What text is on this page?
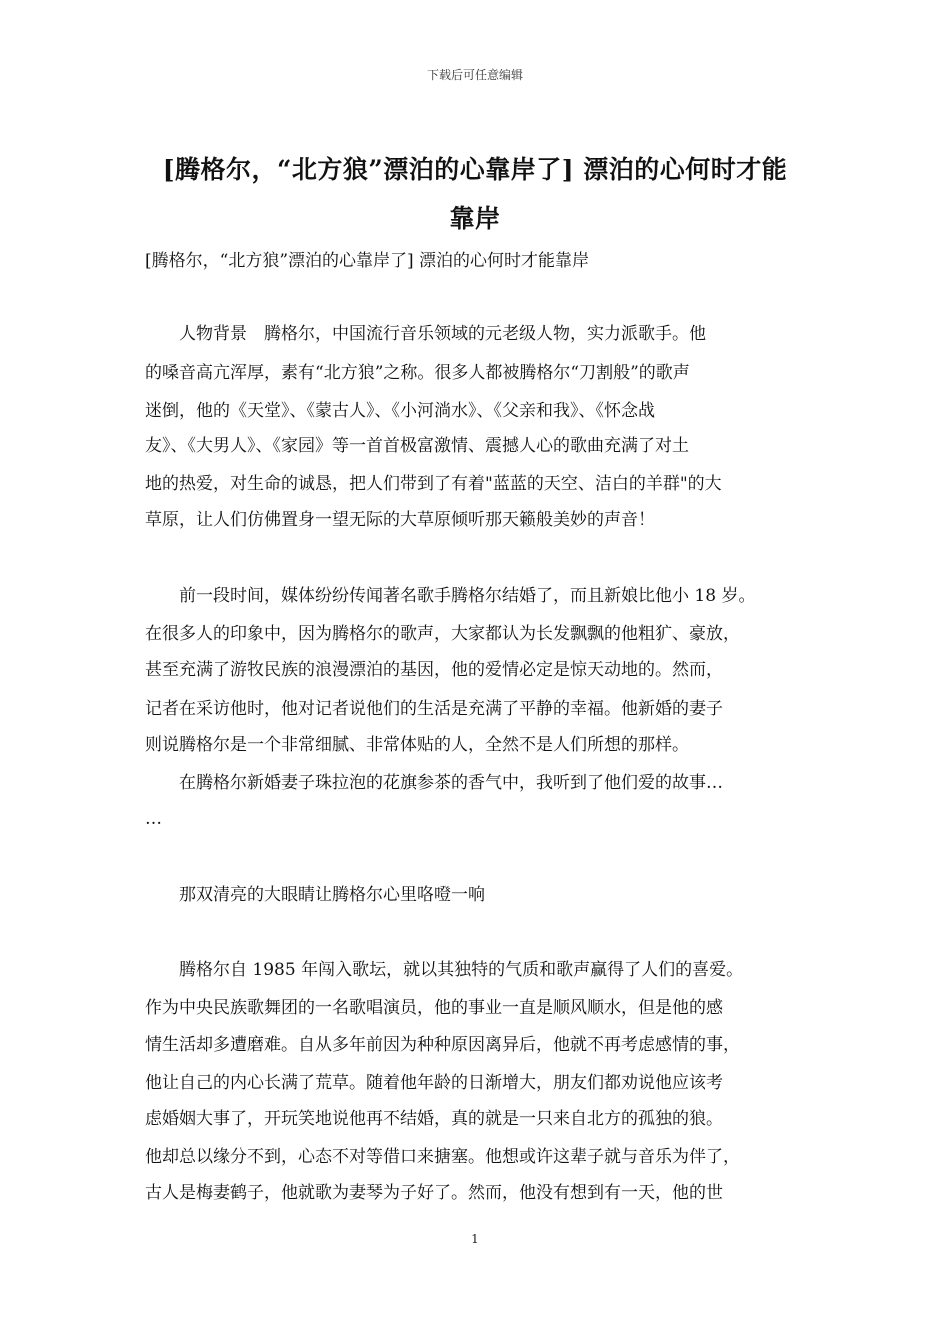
下载后可任意编辑
[腾格尔，“北方狼”漂泊的心靠岸了] 漂泊的心何时才能
靠岸
[腾格尔，“北方狼”漂泊的心靠岸了] 漂泊的心何时才能靠岸
　　人物背景　腾格尔，中国流行音乐领域的元老级人物，实力派歌手。他
的嗓音高亢浑厚，素有“北方狼”之称。很多人都被腾格尔“刀割般”的歌声
迷倒，他的《天堂》、《蒙古人》、《小河淌水》、《父亲和我》、《怀念战
友》、《大男人》、《家园》等一首首极富激情、震撼人心的歌曲充满了对土
地的热爱，对生命的诚恳，把人们带到了有着"蓝蓝的天空、洁白的羊群"的大
草原，让人们仿佛置身一望无际的大草原倾听那天籁般美妙的声音！
　　前一段时间，媒体纷纷传闻著名歌手腾格尔结婚了，而且新娘比他小 18 岁。
在很多人的印象中，因为腾格尔的歌声，大家都认为长发飘飘的他粗犷、豪放，
甚至充满了游牧民族的浪漫漂泊的基因，他的爱情必定是惊天动地的。然而，
记者在采访他时，他对记者说他们的生活是充满了平静的幸福。他新婚的妻子
则说腾格尔是一个非常细腻、非常体贴的人，全然不是人们所想的那样。
　　在腾格尔新婚妻子珠拉泡的花旗参茶的香气中，我听到了他们爱的故事…
…
　　那双清亮的大眼睛让腾格尔心里咯噔一响
　　腾格尔自 1985 年闯入歌坛，就以其独特的气质和歌声赢得了人们的喜爱。
作为中央民族歌舞团的一名歌唱演员，他的事业一直是顺风顺水，但是他的感
情生活却多遭磨难。自从多年前因为种种原因离异后，他就不再考虑感情的事，
他让自己的内心长满了荒草。随着他年龄的日渐增大，朋友们都劝说他应该考
虑婚姻大事了，开玩笑地说他再不结婚，真的就是一只来自北方的孤独的狼。
他却总以缘分不到，心态不对等借口来搪塞。他想或许这辈子就与音乐为伴了，
古人是梅妻鹤子，他就歌为妻琴为子好了。然而，他没有想到有一天，他的世
1
